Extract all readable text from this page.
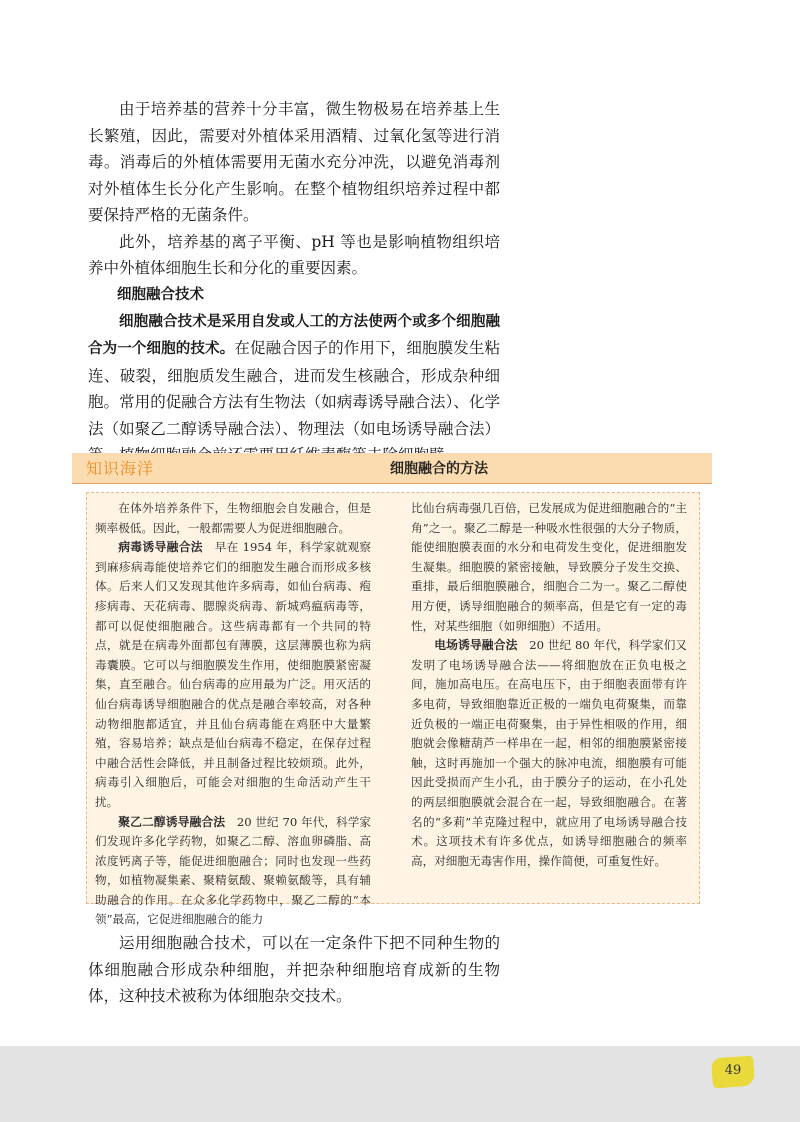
由于培养基的营养十分丰富，微生物极易在培养基上生长繁殖，因此，需要对外植体采用酒精、过氧化氢等进行消毒。消毒后的外植体需要用无菌水充分冲洗，以避免消毒剂对外植体生长分化产生影响。在整个植物组织培养过程中都要保持严格的无菌条件。

此外，培养基的离子平衡、pH 等也是影响植物组织培养中外植体细胞生长和分化的重要因素。

细胞融合技术

细胞融合技术是采用自发或人工的方法使两个或多个细胞融合为一个细胞的技术。在促融合因子的作用下，细胞膜发生粘连、破裂，细胞质发生融合，进而发生核融合，形成杂种细胞。常用的促融合方法有生物法（如病毒诱导融合法）、化学法（如聚乙二醇诱导融合法）、物理法（如电场诱导融合法）

知识海洋	细胞融合的方法

在体外培养条件下，生物细胞会自发融合，但是频率极低。因此，一般都需要人为促进细胞融合。

病毒诱导融合法　早在 1954 年，科学家就观察到麻疹病毒能使培养它们的细胞发生融合而形成多核体。后来人们又发现其他许多病毒，如仙台病毒、疱疹病毒、天花病毒、腮腺炎病毒、新城鸡瘟病毒等，都可以促使细胞融合。这些病毒都有一个共同的特点，就是在病毒外面都包有薄膜，这层薄膜也称为病毒囊膜。它可以与细胞膜发生作用，使细胞膜紧密凝集，直至融合。仙台病毒的应用最为广泛。用灭活的仙台病毒诱导细胞融合的优点是融合率较高，对各种动物细胞都适宜，并且仙台病毒能在鸡胚中大量繁殖，容易培养；缺点是仙台病毒不稳定，在保存过程中融合活性会降低，并且制备过程比较烦琐。此外，病毒引入细胞后，可能会对细胞的生命活动产生干扰。

聚乙二醇诱导融合法　20 世纪 70 年代，科学家们发现许多化学药物，如聚乙二醇、溶血卵磷脂、高浓度钙离子等，能促进细胞融合；同时也发现一些药物，如植物凝集素、聚精氨酸、聚赖氨酸等，具有辅助融合的作用。在众多化学药物中，聚乙二醇的“本领”最高，它促进细胞融合的能力

比仙台病毒强几百倍，已发展成为促进细胞融合的“主角”之一。聚乙二醇是一种吸水性很强的大分子物质，能使细胞膜表面的水分和电荷发生变化，促进细胞发生凝集。细胞膜的紧密接触，导致膜分子发生交换、重排，最后细胞膜融合，细胞合二为一。聚乙二醇使用方便，诱导细胞融合的频率高，但是它有一定的毒性，对某些细胞（如卵细胞）不适用。

电场诱导融合法　20 世纪 80 年代，科学家们又发明了电场诱导融合法——将细胞放在正负电极之间，施加高电压。在高电压下，由于细胞表面带有许多电荷，导致细胞靠近正极的一端负电荷聚集，而靠近负极的一端正电荷聚集，由于异性相吸的作用，细胞就会像糖葫芦一样串在一起，相邻的细胞膜紧密接触，这时再施加一个强大的脉冲电流，细胞膜有可能因此受损而产生小孔，由于膜分子的运动，在小孔处的两层细胞膜就会混合在一起，导致细胞融合。在著名的“多莉”羊克隆过程中，就应用了电场诱导融合技术。这项技术有许多优点，如诱导细胞融合的频率高，对细胞无毒害作用，操作简便，可重复性好。

运用细胞融合技术，可以在一定条件下把不同种生物的体细胞融合形成杂种细胞，并把杂种细胞培育成新的生物体，这种技术被称为体细胞杂交技术。

49
